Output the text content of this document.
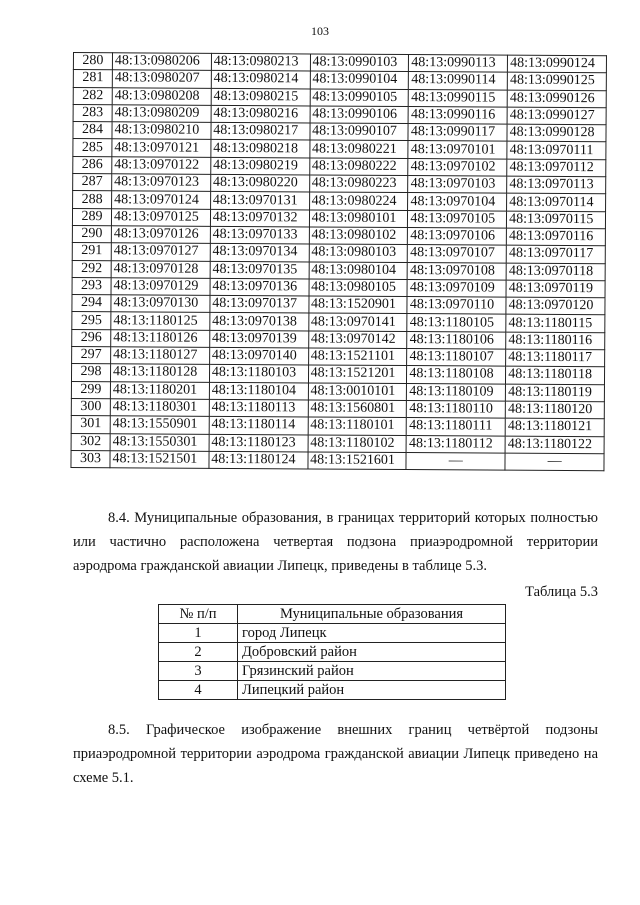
103
280	48:13:0980206	48:13:0980213	48:13:0990103	48:13:0990113	48:13:0990124
281	48:13:0980207	48:13:0980214	48:13:0990104	48:13:0990114	48:13:0990125
282	48:13:0980208	48:13:0980215	48:13:0990105	48:13:0990115	48:13:0990126
283	48:13:0980209	48:13:0980216	48:13:0990106	48:13:0990116	48:13:0990127
284	48:13:0980210	48:13:0980217	48:13:0990107	48:13:0990117	48:13:0990128
285	48:13:0970121	48:13:0980218	48:13:0980221	48:13:0970101	48:13:0970111
286	48:13:0970122	48:13:0980219	48:13:0980222	48:13:0970102	48:13:0970112
287	48:13:0970123	48:13:0980220	48:13:0980223	48:13:0970103	48:13:0970113
288	48:13:0970124	48:13:0970131	48:13:0980224	48:13:0970104	48:13:0970114
289	48:13:0970125	48:13:0970132	48:13:0980101	48:13:0970105	48:13:0970115
290	48:13:0970126	48:13:0970133	48:13:0980102	48:13:0970106	48:13:0970116
291	48:13:0970127	48:13:0970134	48:13:0980103	48:13:0970107	48:13:0970117
292	48:13:0970128	48:13:0970135	48:13:0980104	48:13:0970108	48:13:0970118
293	48:13:0970129	48:13:0970136	48:13:0980105	48:13:0970109	48:13:0970119
294	48:13:0970130	48:13:0970137	48:13:1520901	48:13:0970110	48:13:0970120
295	48:13:1180125	48:13:0970138	48:13:0970141	48:13:1180105	48:13:1180115
296	48:13:1180126	48:13:0970139	48:13:0970142	48:13:1180106	48:13:1180116
297	48:13:1180127	48:13:0970140	48:13:1521101	48:13:1180107	48:13:1180117
298	48:13:1180128	48:13:1180103	48:13:1521201	48:13:1180108	48:13:1180118
299	48:13:1180201	48:13:1180104	48:13:0010101	48:13:1180109	48:13:1180119
300	48:13:1180301	48:13:1180113	48:13:1560801	48:13:1180110	48:13:1180120
301	48:13:1550901	48:13:1180114	48:13:1180101	48:13:1180111	48:13:1180121
302	48:13:1550301	48:13:1180123	48:13:1180102	48:13:1180112	48:13:1180122
303	48:13:1521501	48:13:1180124	48:13:1521601	—	—
8.4. Муниципальные образования, в границах территорий которых полностью
или частично расположена четвертая подзона приаэродромной территории
аэродрома гражданской авиации Липецк, приведены в таблице 5.3.
Таблица 5.3
№ п/п	Муниципальные образования
1	город Липецк
2	Добровский район
3	Грязинский район
4	Липецкий район
8.5. Графическое изображение внешних границ четвёртой подзоны
приаэродромной территории аэродрома гражданской авиации Липецк приведено на
схеме 5.1.
